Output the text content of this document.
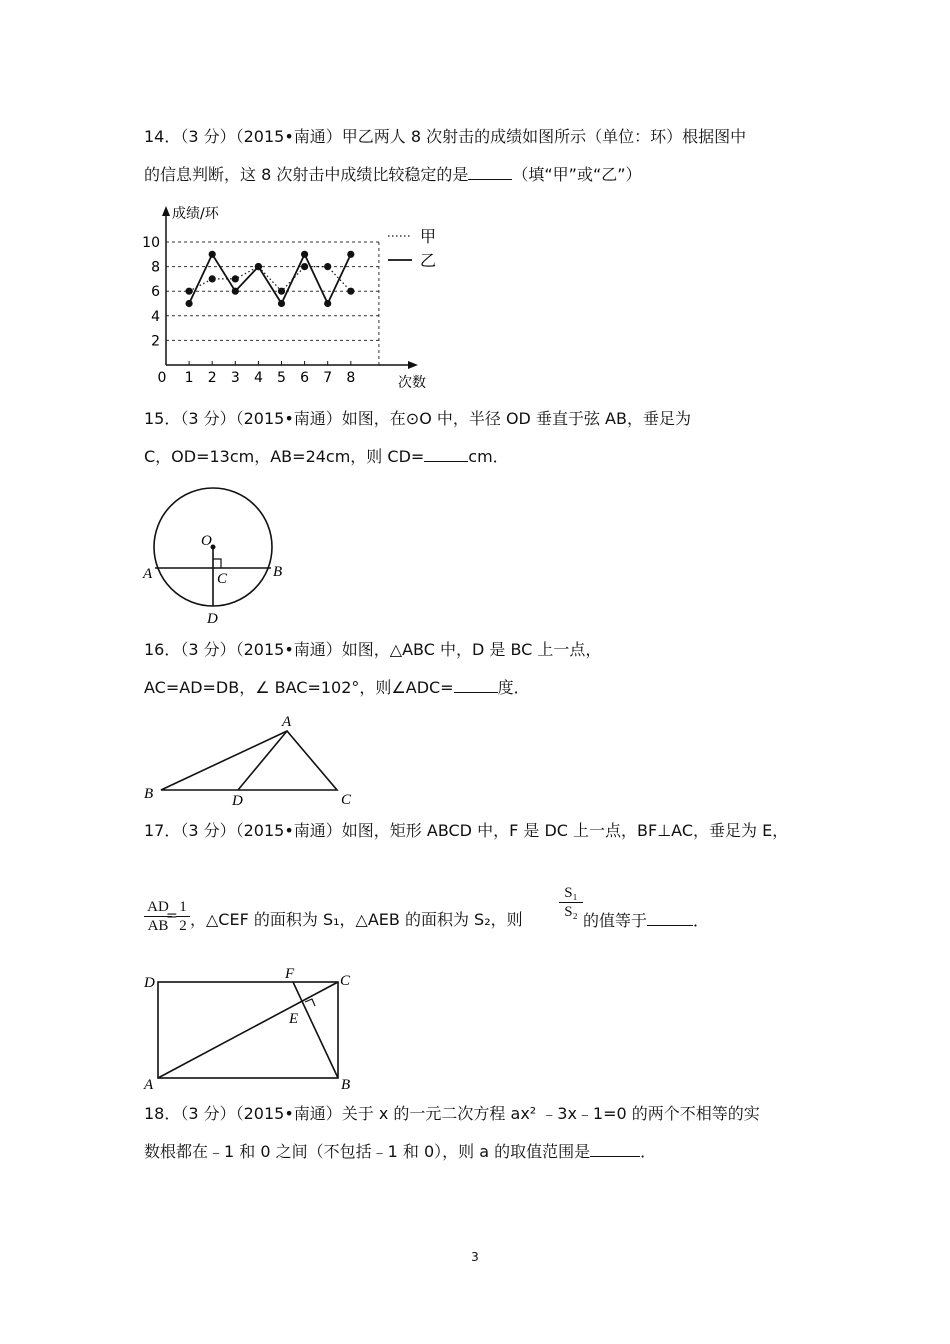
14．（3 分）（2015•南通）甲乙两人 8 次射击的成绩如图所示（单位：环）根据图中
的信息判断，这 8 次射击中成绩比较稳定的是	（填“甲”或“乙”）
2
4
6
8
10
0 1 2 3 4 5 6 7 8
成绩/环
次数
甲
乙
15．（3 分）（2015•南通）如图，在⊙O 中，半径 OD 垂直于弦 AB，垂足为
C，OD=13cm，AB=24cm，则 CD=	cm．
O
A	B
C
D
16．（3 分）（2015•南通）如图，△ABC 中，D 是 BC 上一点，
AC=AD=DB，∠ BAC=102°，则∠ADC=	度．
A
B	C
D
17．（3 分）（2015•南通）如图，矩形 ABCD 中，F 是 DC 上一点，BF⊥AC，垂足为 E，
$\frac{AD}{AB}$
=
$\frac{1}{2}$ ，△CEF 的面积为 S₁，△AEB 的面积为 S₂，则 $\frac{\text{S₁}}{\text{S₂}}$ 的值等于	．
D
F	C
E
A	B
18．（3 分）（2015•南通）关于 x 的一元二次方程 ax² ﹣3x﹣1=0 的两个不相等的实
数根都在﹣1 和 0 之间（不包括﹣1 和 0），则 a 的取值范围是	．
3
